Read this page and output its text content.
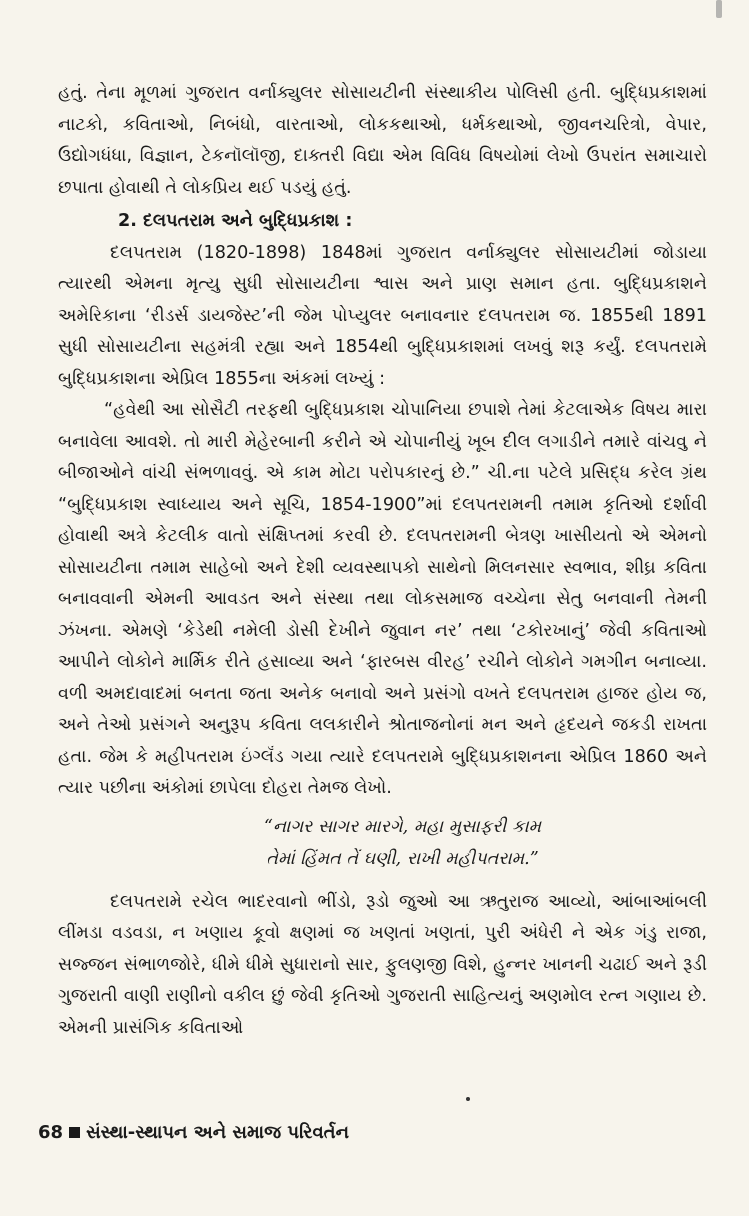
હતું. તેના મૂળમાં ગુજરાત વર્નાક્યુલર સોસાયટીની સંસ્થાકીય પોલિસી હતી. બુદ્ધિપ્રકાશમાં નાટકો, કવિતાઓ, નિબંધો, વારતાઓ, લોકકથાઓ, ધર્મકથાઓ, જીવનચરિત્રો, વેપાર, ઉદ્યોગધંધા, વિજ્ઞાન, ટેકનૉલૉજી, દાક્તરી વિદ્યા એમ વિવિધ વિષયોમાં લેખો ઉપરાંત સમાચારો છપાતા હોવાથી તે લોકપ્રિય થઈ પડયું હતું.

2. દલપતરામ અને બુદ્ધિપ્રકાશ :

દલપતરામ (1820-1898) 1848માં ગુજરાત વર્નાક્યુલર સોસાયટીમાં જોડાયા ત્યારથી એમના મૃત્યુ સુધી સોસાયટીના શ્વાસ અને પ્રાણ સમાન હતા. બુદ્ધિપ્રકાશને અમેરિકાના ‘રીડર્સ ડાયજેસ્ટ’ની જેમ પોપ્યુલર બનાવનાર દલપતરામ જ. 1855થી 1891 સુધી સોસાયટીના સહમંત્રી રહ્યા અને 1854થી બુદ્ધિપ્રકાશમાં લખવું શરૂ કર્યું. દલપતરામે બુદ્ધિપ્રકાશના એપ્રિલ 1855ના અંકમાં લખ્યું :

“હવેથી આ સોસૈટી તરફથી બુદ્ધિપ્રકાશ ચોપાનિયા છપાશે તેમાં કેટલાએક વિષય મારા બનાવેલા આવશે. તો મારી મેહેરબાની કરીને એ ચોપાનીયું ખૂબ દીલ લગાડીને તમારે વાંચવુ ને બીજાઓને વાંચી સંભળાવવું. એ કામ મોટા પરોપકારનું છે.” ચી.ના પટેલે પ્રસિદ્ધ કરેલ ગ્રંથ “બુદ્ધિપ્રકાશ સ્વાધ્યાય અને સૂચિ, 1854-1900”માં દલપતરામની તમામ કૃતિઓ દર્શાવી હોવાથી અત્રે કેટલીક વાતો સંક્ષિપ્તમાં કરવી છે. દલપતરામની બેત્રણ ખાસીયતો એ એમનો સોસાયટીના તમામ સાહેબો અને દેશી વ્યવસ્થાપકો સાથેનો મિલનસાર સ્વભાવ, શીઘ્ર કવિતા બનાવવાની એમની આવડત અને સંસ્થા તથા લોકસમાજ વચ્ચેના સેતુ બનવાની તેમની ઝંખના. એમણે ‘કેડેથી નમેલી ડોસી દેખીને જુવાન નર’ તથા ‘ટકોરખાનું’ જેવી કવિતાઓ આપીને લોકોને માર્મિક રીતે હસાવ્યા અને ‘ફારબસ વીરહ’ રચીને લોકોને ગમગીન બનાવ્યા. વળી અમદાવાદમાં બનતા જતા અનેક બનાવો અને પ્રસંગો વખતે દલપતરામ હાજર હોય જ, અને તેઓ પ્રસંગને અનુરૂપ કવિતા લલકારીને શ્રોતાજનોનાં મન અને હૃદયને જકડી રાખતા હતા. જેમ કે મહીપતરામ ઇંગ્લૅંડ ગયા ત્યારે દલપતરામે બુદ્ધિપ્રકાશનના એપ્રિલ 1860 અને ત્યાર પછીના અંકોમાં છાપેલા દોહરા તેમજ લેખો.

“નાગર સાગર મારગે, મહા મુસાફરી કામ
તેમાં હિંમત તેં ઘણી, રાખી મહીપતરામ.”

દલપતરામે રચેલ ભાદરવાનો ભીંડો, રૂડો જુઓ આ ઋતુરાજ આવ્યો, આંબાઆંબલી લીંમડા વડવડા, ન ખણાય કૂવો ક્ષણમાં જ ખણતાં ખણતાં, પુરી અંધેરી ને એક ગંડુ રાજા, સજ્જન સંભાળજોરે, ધીમે ધીમે સુધારાનો સાર, ફુલણજી વિશે, હુન્નર ખાનની ચઢાઈ અને રૂડી ગુજરાતી વાણી રાણીનો વકીલ છું જેવી કૃતિઓ ગુજરાતી સાહિત્યનું અણમોલ રત્ન ગણાય છે. એમની પ્રાસંગિક કવિતાઓ

68 સંસ્થા-સ્થાપન અને સમાજ પરિવર્તન
